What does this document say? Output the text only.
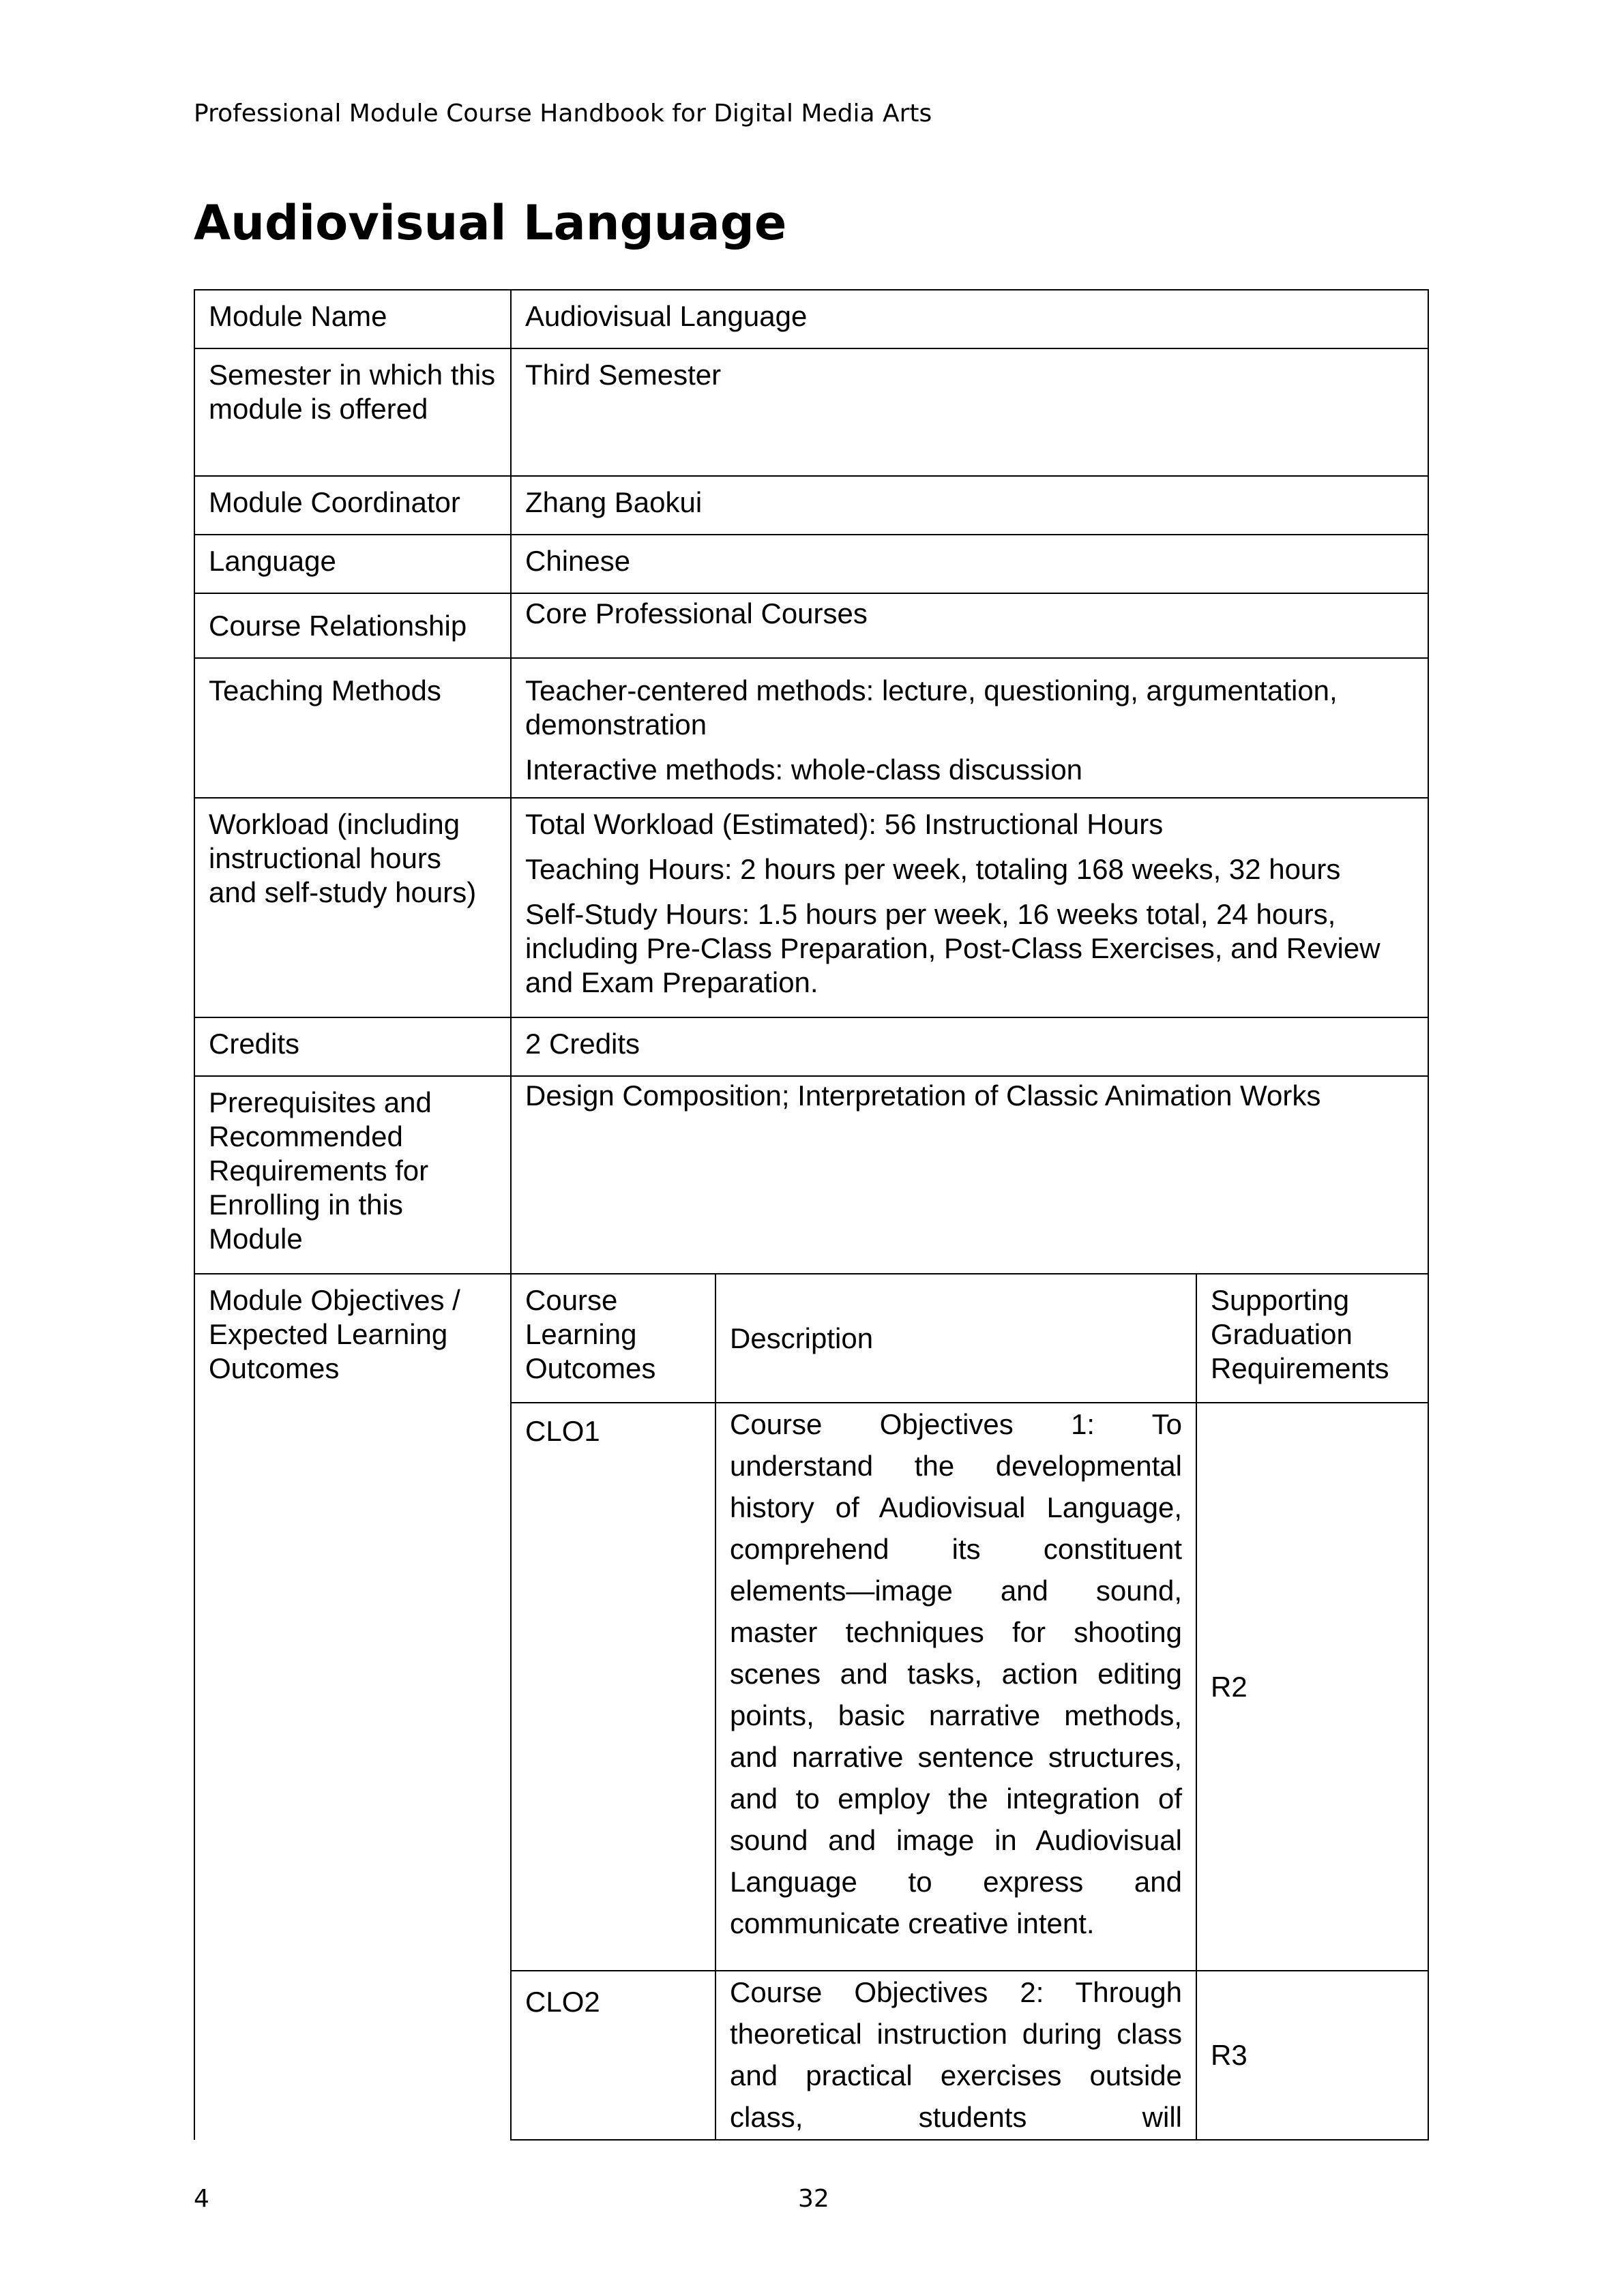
Professional Module Course Handbook for Digital Media Arts
Audiovisual Language
Module Name	Audiovisual Language		
Semester in which this module is offered	Third Semester		
Module Coordinator	Zhang Baokui		
Language	Chinese		
Course Relationship	Core Professional Courses		
Teaching Methods	Teacher-centered methods: lecture, questioning, argumentation, demonstration

Interactive methods: whole-class discussion		

Workload (including instructional hours and self-study hours)	Total Workload (Estimated): 56 Instructional Hours

Teaching Hours: 2 hours per week, totaling 168 weeks, 32 hours

Self-Study Hours: 1.5 hours per week, 16 weeks total, 24 hours, including Pre-Class Preparation, Post-Class Exercises, and Review and Exam Preparation.		

Credits	2 Credits		
Prerequisites and Recommended Requirements for Enrolling in this Module	Design Composition; Interpretation of Classic Animation Works		
Module Objectives / Expected Learning Outcomes	Course Learning Outcomes	Description	Supporting Graduation Requirements
	CLO1	Course Objectives 1: To understand the developmental history of Audiovisual Language, comprehend its constituent elements—image and sound, master techniques for shooting scenes and tasks, action editing points, basic narrative methods, and narrative sentence structures, and to employ the integration of sound and image in Audiovisual Language to express and communicate creative intent.	R2
	CLO2	Course Objectives 2: Through theoretical instruction during class and practical exercises outside class, students will	R3
4	32
